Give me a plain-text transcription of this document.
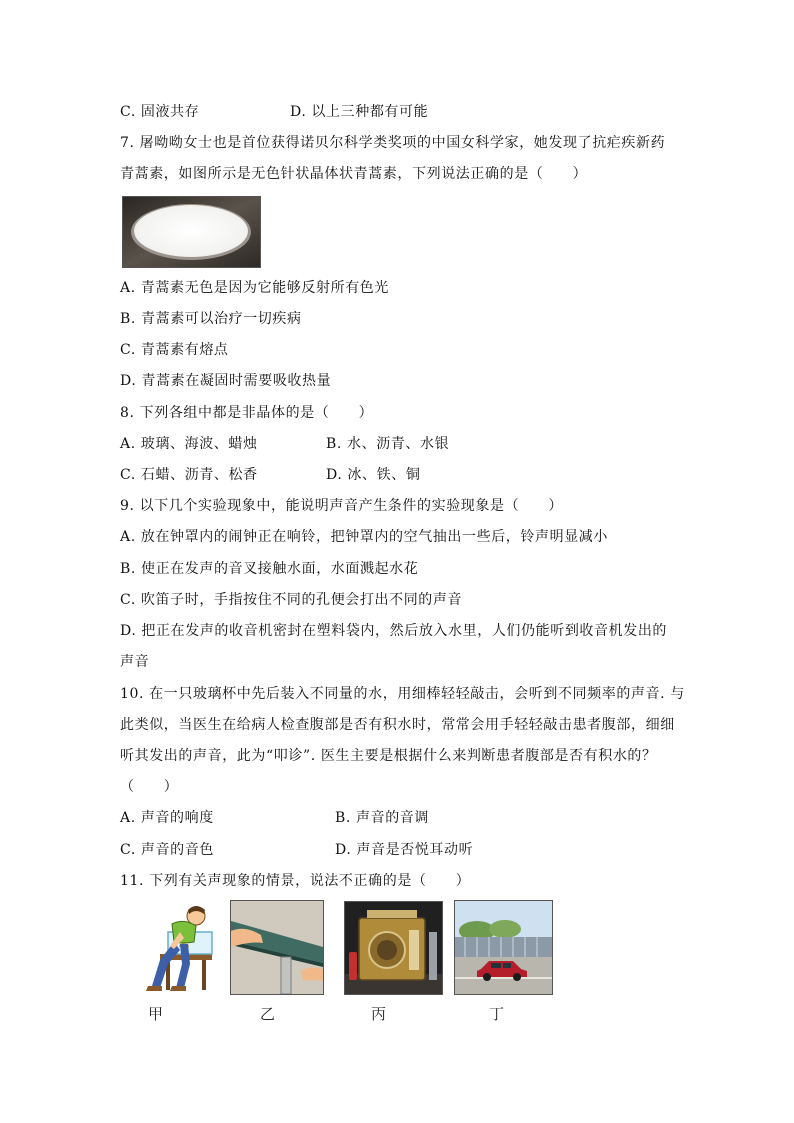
C. 固液共存	D. 以上三种都有可能
7. 屠呦呦女士也是首位获得诺贝尔科学类奖项的中国女科学家，她发现了抗疟疾新药
青蒿素，如图所示是无色针状晶体状青蒿素，下列说法正确的是（　　）
A. 青蒿素无色是因为它能够反射所有色光
B. 青蒿素可以治疗一切疾病
C. 青蒿素有熔点
D. 青蒿素在凝固时需要吸收热量
8. 下列各组中都是非晶体的是（　　）
A. 玻璃、海波、蜡烛	B. 水、沥青、水银
C. 石蜡、沥青、松香	D. 冰、铁、铜
9. 以下几个实验现象中，能说明声音产生条件的实验现象是（　　）
A. 放在钟罩内的闹钟正在响铃，把钟罩内的空气抽出一些后，铃声明显减小
B. 使正在发声的音叉接触水面，水面溅起水花
C. 吹笛子时，手指按住不同的孔便会打出不同的声音
D. 把正在发声的收音机密封在塑料袋内，然后放入水里，人们仍能听到收音机发出的
声音
10. 在一只玻璃杯中先后装入不同量的水，用细棒轻轻敲击，会听到不同频率的声音. 与
此类似，当医生在给病人检查腹部是否有积水时，常常会用手轻轻敲击患者腹部，细细
听其发出的声音，此为“叩诊”. 医生主要是根据什么来判断患者腹部是否有积水的？
（　　）
A. 声音的响度	B. 声音的音调
C. 声音的音色	D. 声音是否悦耳动听
11. 下列有关声现象的情景，说法不正确的是（　　）
甲	乙	丙	丁
